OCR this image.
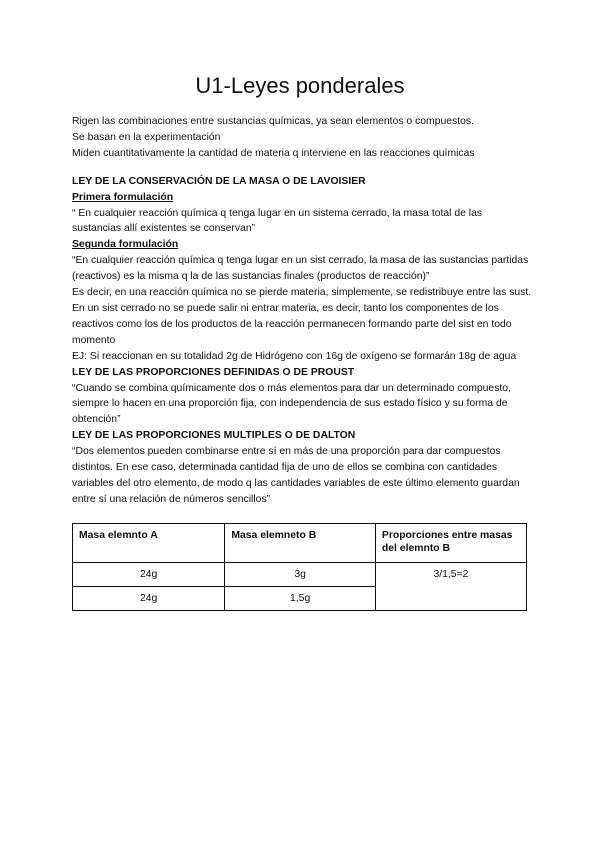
U1-Leyes ponderales

Rigen las combinaciones entre sustancias químicas, ya sean elementos o compuestos.

Se basan en la experimentación

Miden cuantitativamente la cantidad de materia q interviene en las reacciones químicas

LEY DE LA CONSERVACIÓN DE LA MASA O DE LAVOISIER

Primera formulación

“ En cualquier reacción química q tenga lugar en un sistema cerrado, la masa total de las sustancias allí existentes se conservan”

Segunda formulación

“En cualquier reacción química q tenga lugar en un sist cerrado, la masa de las sustancias partidas (reactivos) es la misma q la de las sustancias finales (productos de reacción)”

Es decir, en una reacción química no se pierde materia, simplemente, se redistribuye entre las sust.

En un sist cerrado no se puede salir ni entrar materia, es decir, tanto los componentes de los reactivos como los de los productos de la reacción permanecen formando parte del sist en todo momento

EJ: Si reaccionan en su totalidad 2g de Hidrógeno con 16g de oxígeno se formarán 18g de agua

LEY DE LAS PROPORCIONES DEFINIDAS O DE PROUST

“Cuando se combina químicamente dos o más elementos para dar un determinado compuesto, siempre lo hacen en una proporción fija, con independencia de sus estado físico y su forma de obtención”

LEY DE LAS PROPORCIONES MULTIPLES O DE DALTON

“Dos elementos pueden combinarse entre sí en más de una proporción para dar compuestos distintos. En ese caso, determinada cantidad fija de uno de ellos se combina con cantidades variables del otro elemento, de modo q las cantidades variables de este último elemento guardan entre sí una relación de números sencillos”

Masa elemnto A	Masa elemneto B	Proporciones entre masas del elemnto B
24g	3g	3/1,5=2
24g	1,5g	
